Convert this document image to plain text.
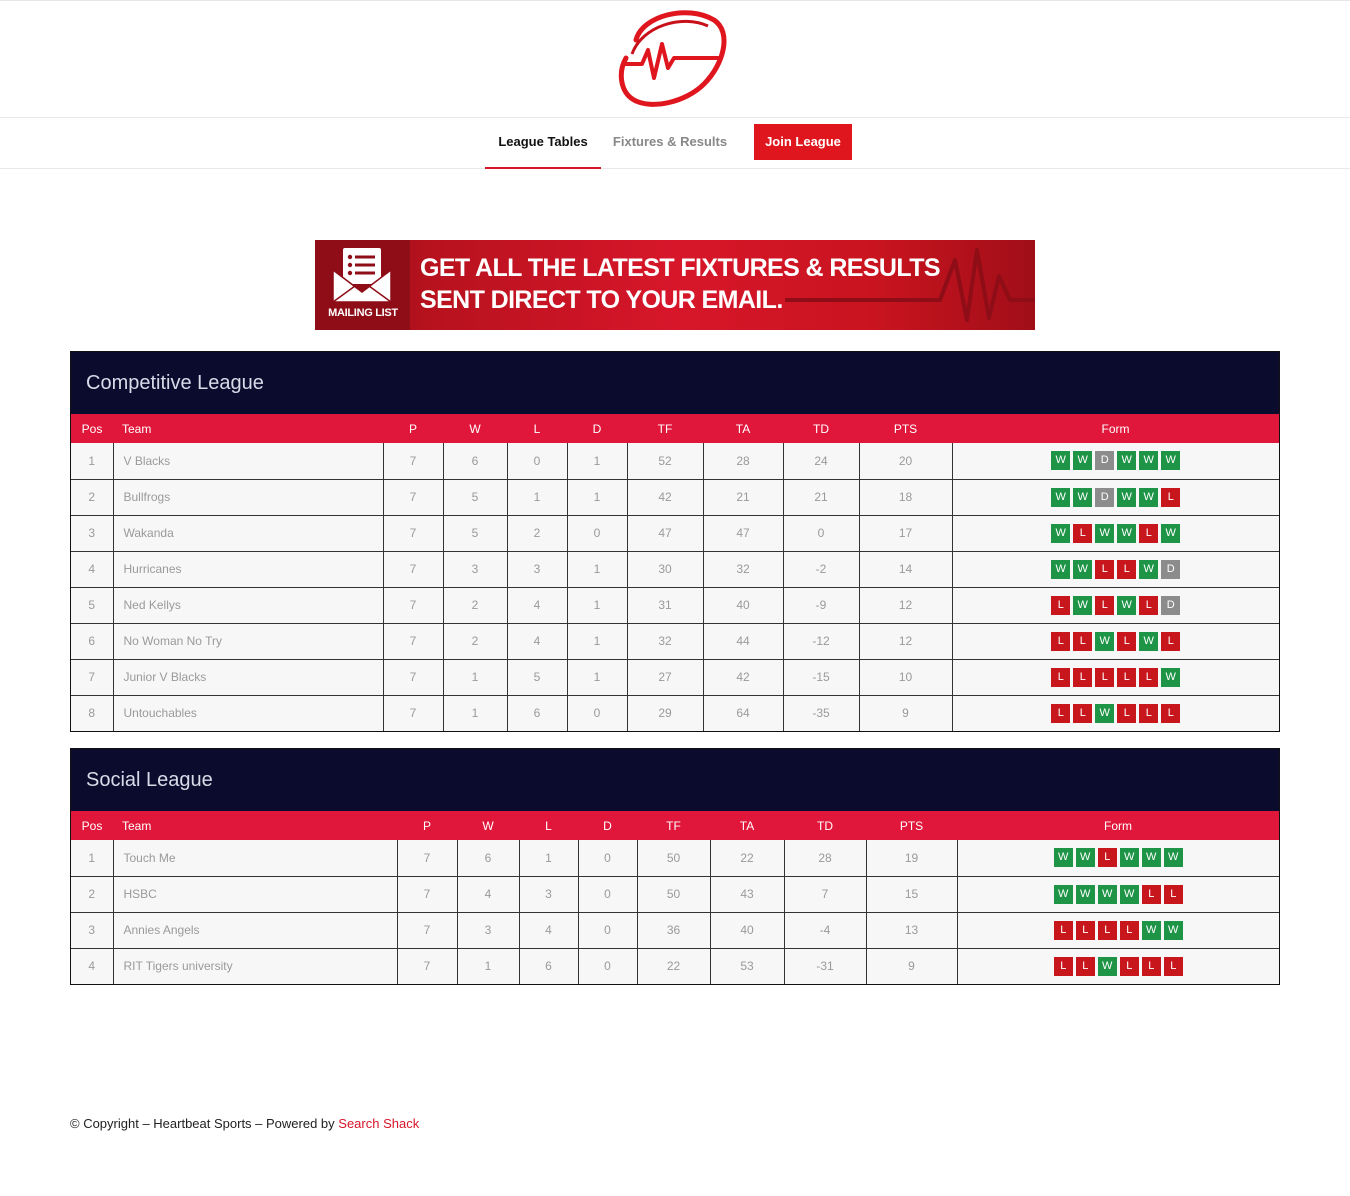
League Tables	Fixtures & Results	Join League
MAILING LIST
GET ALL THE LATEST FIXTURES & RESULTS
SENT DIRECT TO YOUR EMAIL.
Competitive League
Pos	Team	P	W	L	D	TF	TA	TD	PTS	Form
1	V Blacks	7	6	0	1	52	28	24	20	W W D W W W
2	Bullfrogs	7	5	1	1	42	21	21	18	W W D W W L
3	Wakanda	7	5	2	0	47	47	0	17	W L W W L W
4	Hurricanes	7	3	3	1	30	32	-2	14	W W L L W D
5	Ned Kellys	7	2	4	1	31	40	-9	12	L W L W L D
6	No Woman No Try	7	2	4	1	32	44	-12	12	L L W L W L
7	Junior V Blacks	7	1	5	1	27	42	-15	10	L L L L L W
8	Untouchables	7	1	6	0	29	64	-35	9	L L W L L L
Social League
Pos	Team	P	W	L	D	TF	TA	TD	PTS	Form
1	Touch Me	7	6	1	0	50	22	28	19	W W L W W W
2	HSBC	7	4	3	0	50	43	7	15	W W W W L L
3	Annies Angels	7	3	4	0	36	40	-4	13	L L L L W W
4	RIT Tigers university	7	1	6	0	22	53	-31	9	L L W L L L
© Copyright – Heartbeat Sports – Powered by Search Shack
